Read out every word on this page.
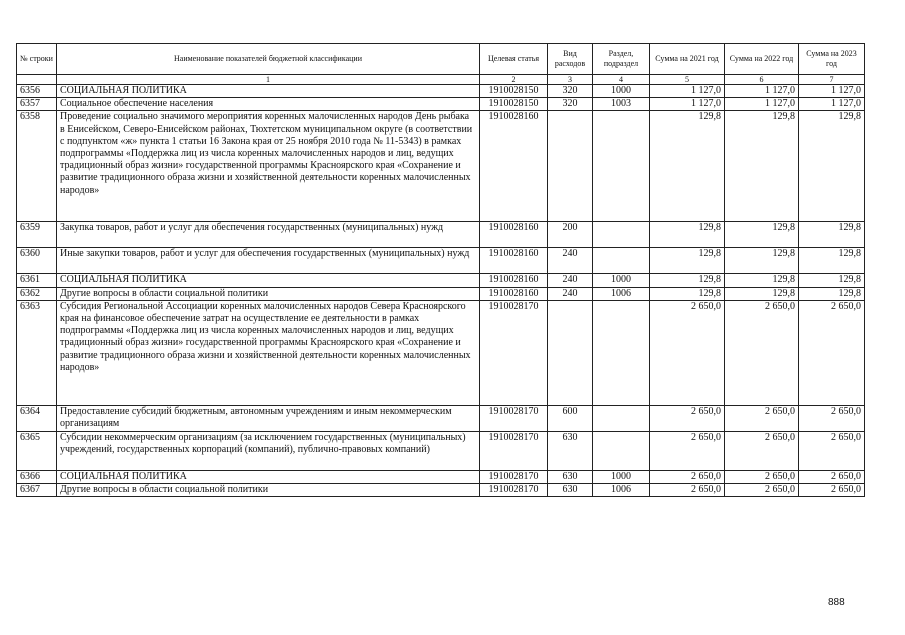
№ строки	Наименование показателей бюджетной классификации	Целевая статья	Вид расходов	Раздел, подраздел	Сумма на 2021 год	Сумма на 2022 год	Сумма на 2023 год
	1	2	3	4	5	6	7
6356	СОЦИАЛЬНАЯ ПОЛИТИКА	1910028150	320	1000	1 127,0	1 127,0	1 127,0
6357	Социальное обеспечение населения	1910028150	320	1003	1 127,0	1 127,0	1 127,0
6358	Проведение социально значимого мероприятия коренных малочисленных народов День рыбака в Енисейском, Северо-Енисейском районах, Тюхтетском муниципальном округе (в соответствии с подпунктом «ж» пункта 1 статьи 16 Закона края от 25 ноября 2010 года № 11-5343) в рамках подпрограммы «Поддержка лиц из числа коренных малочисленных народов и лиц, ведущих традиционный образ жизни» государственной программы Красноярского края «Сохранение и развитие традиционного образа жизни и хозяйственной деятельности коренных малочисленных народов»	1910028160			129,8	129,8	129,8
6359	Закупка товаров, работ и услуг для обеспечения государственных (муниципальных) нужд	1910028160	200		129,8	129,8	129,8
6360	Иные закупки товаров, работ и услуг для обеспечения государственных (муниципальных) нужд	1910028160	240		129,8	129,8	129,8
6361	СОЦИАЛЬНАЯ ПОЛИТИКА	1910028160	240	1000	129,8	129,8	129,8
6362	Другие вопросы в области социальной политики	1910028160	240	1006	129,8	129,8	129,8
6363	Субсидия Региональной Ассоциации коренных малочисленных народов Севера Красноярского края на финансовое обеспечение затрат на осуществление ее деятельности в рамках подпрограммы «Поддержка лиц из числа коренных малочисленных народов и лиц, ведущих традиционный образ жизни» государственной программы Красноярского края «Сохранение и развитие традиционного образа жизни и хозяйственной деятельности коренных малочисленных народов»	1910028170			2 650,0	2 650,0	2 650,0
6364	Предоставление субсидий бюджетным, автономным учреждениям и иным некоммерческим организациям	1910028170	600		2 650,0	2 650,0	2 650,0
6365	Субсидии некоммерческим организациям (за исключением государственных (муниципальных) учреждений, государственных корпораций (компаний), публично-правовых компаний)	1910028170	630		2 650,0	2 650,0	2 650,0
6366	СОЦИАЛЬНАЯ ПОЛИТИКА	1910028170	630	1000	2 650,0	2 650,0	2 650,0
6367	Другие вопросы в области социальной политики	1910028170	630	1006	2 650,0	2 650,0	2 650,0
888
